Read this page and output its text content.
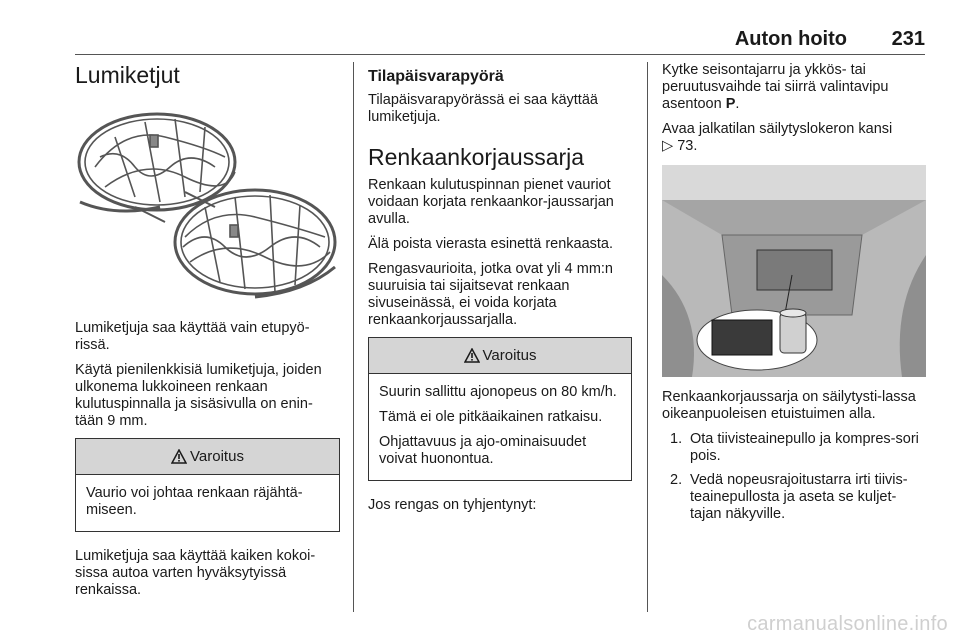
Auton hoito 231
Lumiketjut

Lumiketjuja saa käyttää vain etupyö-rissä.

Käytä pienilenkkisiä lumiketjuja, joiden ulkonema lukkoineen renkaan kulutuspinnalla ja sisäsivulla on enin-tään 9 mm.

Varoitus

Vaurio voi johtaa renkaan räjähtä-miseen.

Lumiketjuja saa käyttää kaiken kokoi-sissa autoa varten hyväksytyissä renkaissa.

Tilapäisvarapyörä

Tilapäisvarapyörässä ei saa käyttää lumiketjuja.

Renkaankorjaussarja

Renkaan kulutuspinnan pienet vauriot voidaan korjata renkaankor-jaussarjan avulla.

Älä poista vierasta esinettä renkaasta.

Rengasvaurioita, jotka ovat yli 4 mm:n suuruisia tai sijaitsevat renkaan sivuseinässä, ei voida korjata renkaankorjaussarjalla.

Varoitus

Suurin sallittu ajonopeus on 80 km/h.

Tämä ei ole pitkäaikainen ratkaisu.

Ohjattavuus ja ajo-ominaisuudet voivat huonontua.

Jos rengas on tyhjentynyt:

Kytke seisontajarru ja ykkös- tai peruutusvaihde tai siirrä valintavipu asentoon P.

Avaa jalkatilan säilytyslokeron kansi
▷ 73.

Renkaankorjaussarja on säilytysti-lassa oikeanpuoleisen etuistuimen alla.

1. Ota tiivisteainepullo ja kompres-sori pois.
2. Vedä nopeusrajoitustarra irti tiivis-teainepullosta ja aseta se kuljet-tajan näkyville.
carmanualsonline.info
